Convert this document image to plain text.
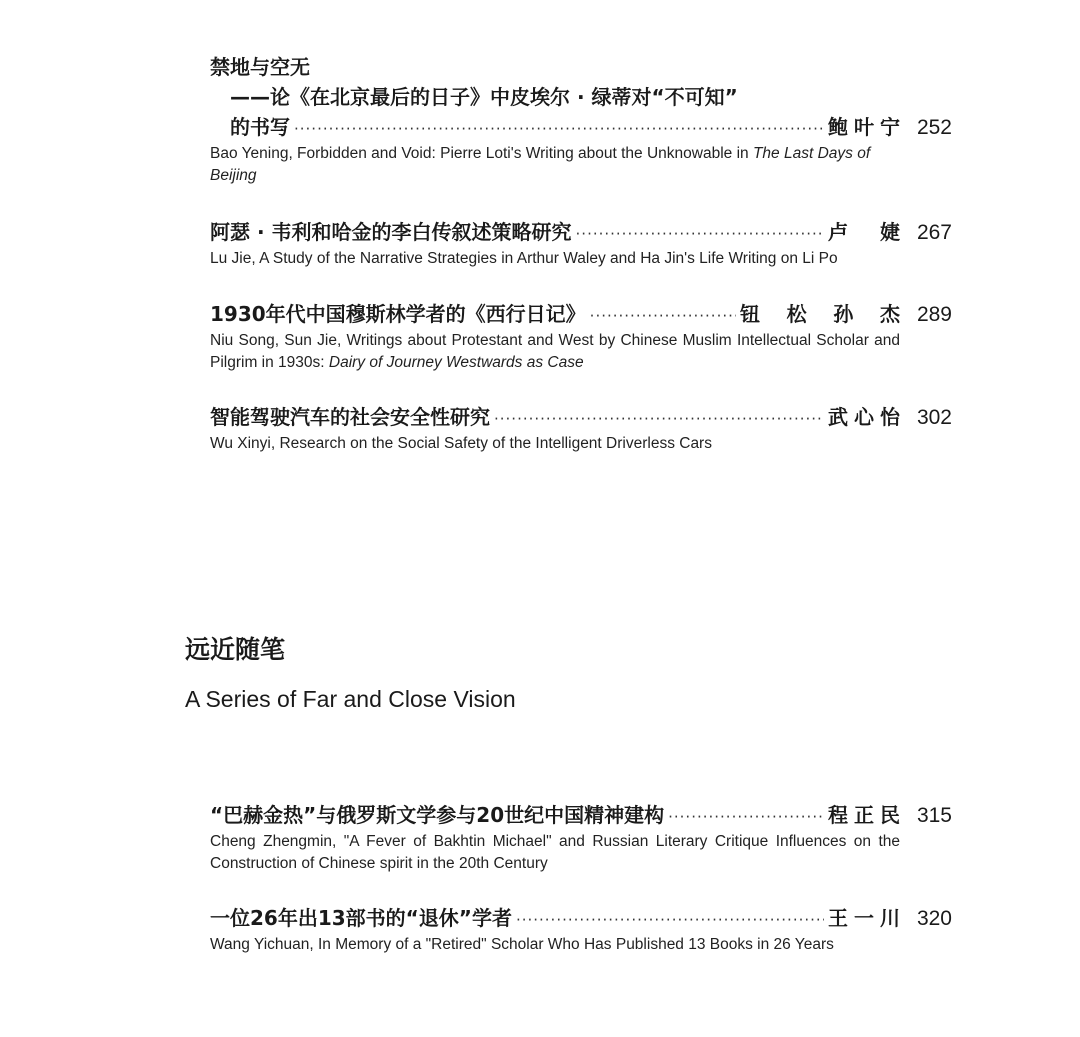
禁地与空无
——论《在北京最后的日子》中皮埃尔 · 绿蒂对“不可知”
的书写 ·····	鲍叶宁 252
Bao Yening, Forbidden and Void: Pierre Loti's Writing about the Unknowable in The Last Days of Beijing
阿瑟 · 韦利和哈金的李白传叙述策略研究 ·····	卢婕 267
Lu Jie, A Study of the Narrative Strategies in Arthur Waley and Ha Jin's Life Writing on Li Po
1930年代中国穆斯林学者的《西行日记》 ·····	钮松孙杰 289
Niu Song, Sun Jie, Writings about Protestant and West by Chinese Muslim Intellectual Scholar and Pilgrim in 1930s: Dairy of Journey Westwards as Case
智能驾驶汽车的社会安全性研究 ·····	武心怡 302
Wu Xinyi, Research on the Social Safety of the Intelligent Driverless Cars
远近随笔
A Series of Far and Close Vision
“巴赫金热”与俄罗斯文学参与20世纪中国精神建构 ·····	程正民 315
Cheng Zhengmin, "A Fever of Bakhtin Michael" and Russian Literary Critique Influences on the Construction of Chinese spirit in the 20th Century
一位26年出13部书的“退休”学者 ·····	王一川 320
Wang Yichuan, In Memory of a "Retired" Scholar Who Has Published 13 Books in 26 Years
